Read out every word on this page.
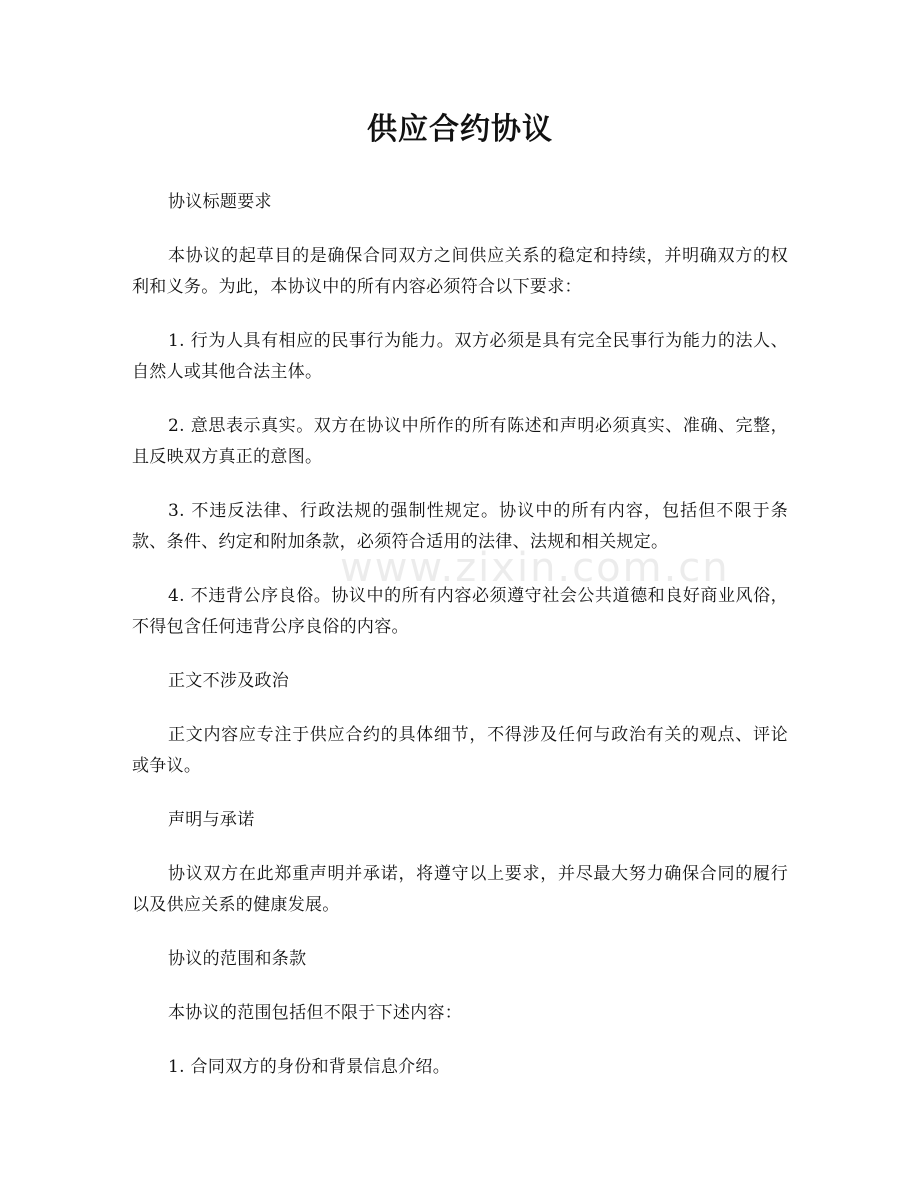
供应合约协议

协议标题要求

本协议的起草目的是确保合同双方之间供应关系的稳定和持续，并明确双方的权利和义务。为此，本协议中的所有内容必须符合以下要求：

1. 行为人具有相应的民事行为能力。双方必须是具有完全民事行为能力的法人、自然人或其他合法主体。

2. 意思表示真实。双方在协议中所作的所有陈述和声明必须真实、准确、完整，且反映双方真正的意图。

3. 不违反法律、行政法规的强制性规定。协议中的所有内容，包括但不限于条款、条件、约定和附加条款，必须符合适用的法律、法规和相关规定。

4. 不违背公序良俗。协议中的所有内容必须遵守社会公共道德和良好商业风俗，不得包含任何违背公序良俗的内容。

正文不涉及政治

正文内容应专注于供应合约的具体细节，不得涉及任何与政治有关的观点、评论或争议。

声明与承诺

协议双方在此郑重声明并承诺，将遵守以上要求，并尽最大努力确保合同的履行以及供应关系的健康发展。

协议的范围和条款

本协议的范围包括但不限于下述内容：

1. 合同双方的身份和背景信息介绍。

www.zixin.com.cn
